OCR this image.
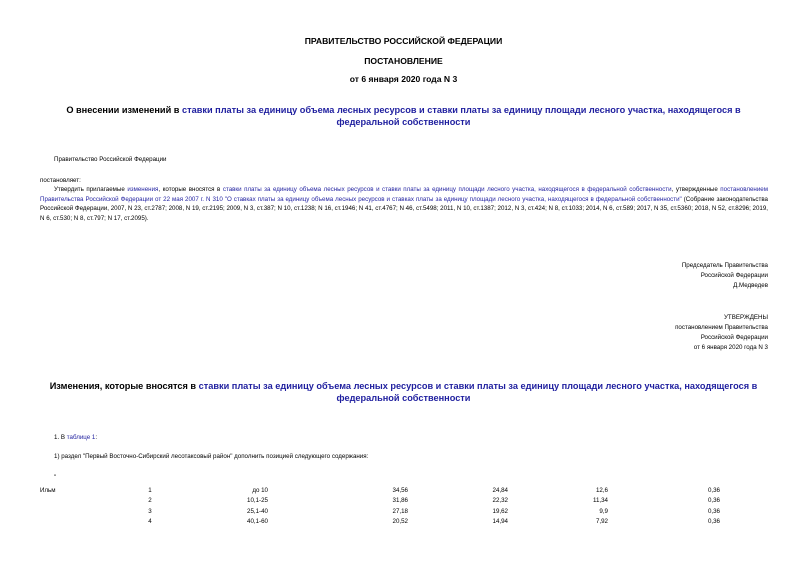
ПРАВИТЕЛЬСТВО РОССИЙСКОЙ ФЕДЕРАЦИИ
ПОСТАНОВЛЕНИЕ
от 6 января 2020 года N 3
О внесении изменений в ставки платы за единицу объема лесных ресурсов и ставки платы за единицу площади лесного участка, находящегося в федеральной собственности
Правительство Российской Федерации
постановляет:
Утвердить прилагаемые изменения, которые вносятся в ставки платы за единицу объема лесных ресурсов и ставки платы за единицу площади лесного участка, находящегося в федеральной собственности, утвержденные постановлением Правительства Российской Федерации от 22 мая 2007 г. N 310 "О ставках платы за единицу объема лесных ресурсов и ставках платы за единицу площади лесного участка, находящегося в федеральной собственности" (Собрание законодательства Российской Федерации, 2007, N 23, ст.2787; 2008, N 19, ст.2195; 2009, N 3, ст.387; N 10, ст.1238; N 16, ст.1946; N 41, ст.4767; N 46, ст.5498; 2011, N 10, ст.1387; 2012, N 3, ст.424; N 8, ст.1033; 2014, N 6, ст.589; 2017, N 35, ст.5360; 2018, N 52, ст.8296; 2019, N 6, ст.530; N 8, ст.797; N 17, ст.2095).
Председатель Правительства
Российской Федерации
Д.Медведев
УТВЕРЖДЕНЫ
постановлением Правительства
Российской Федерации
от 6 января 2020 года N 3
Изменения, которые вносятся в ставки платы за единицу объема лесных ресурсов и ставки платы за единицу площади лесного участка, находящегося в федеральной собственности
1. В таблице 1:
1) раздел "Первый Восточно-Сибирский лесотаксовый район" дополнить позицией следующего содержания:
"
Ильм	1	до 10	34,56	24,84	12,6	0,36
	2	10,1-25	31,86	22,32	11,34	0,36
	3	25,1-40	27,18	19,62	9,9	0,36
	4	40,1-60	20,52	14,94	7,92	0,36
